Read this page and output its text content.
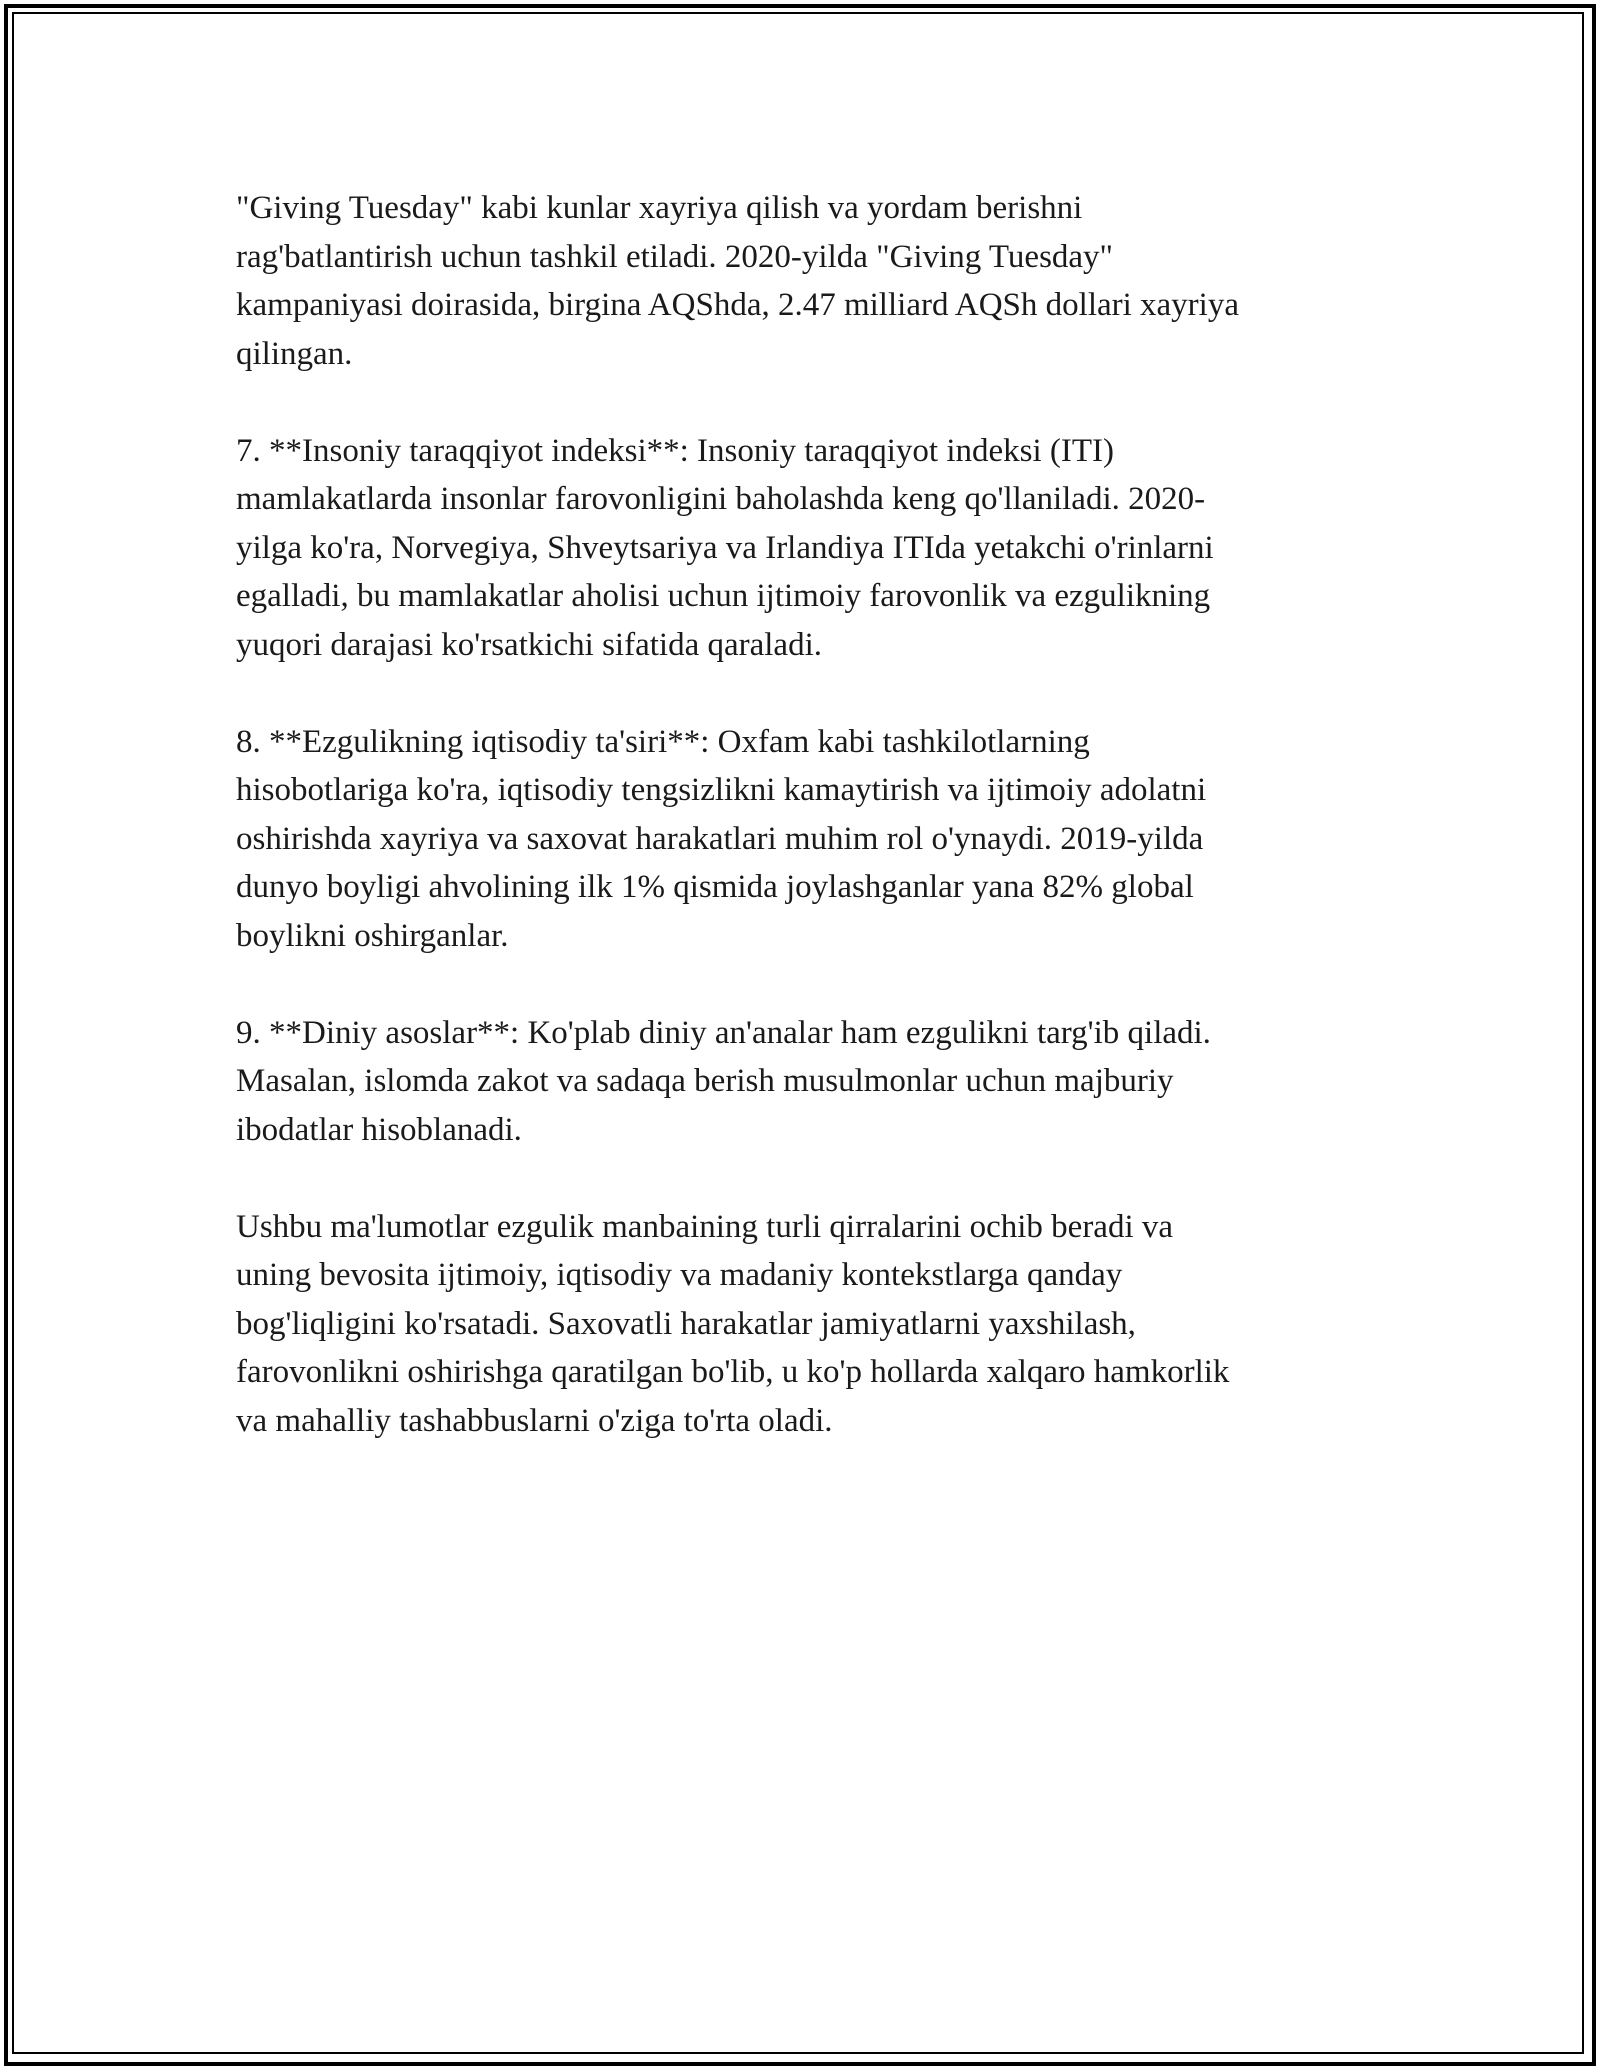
"Giving Tuesday" kabi kunlar xayriya qilish va yordam berishni
rag'batlantirish uchun tashkil etiladi. 2020-yilda "Giving Tuesday"
kampaniyasi doirasida, birgina AQShda, 2.47 milliard AQSh dollari xayriya
qilingan.

7. **Insoniy taraqqiyot indeksi**: Insoniy taraqqiyot indeksi (ITI)
mamlakatlarda insonlar farovonligini baholashda keng qo'llaniladi. 2020-
yilga ko'ra, Norvegiya, Shveytsariya va Irlandiya ITIda yetakchi o'rinlarni
egalladi, bu mamlakatlar aholisi uchun ijtimoiy farovonlik va ezgulikning
yuqori darajasi ko'rsatkichi sifatida qaraladi.

8. **Ezgulikning iqtisodiy ta'siri**: Oxfam kabi tashkilotlarning
hisobotlariga ko'ra, iqtisodiy tengsizlikni kamaytirish va ijtimoiy adolatni
oshirishda xayriya va saxovat harakatlari muhim rol o'ynaydi. 2019-yilda
dunyo boyligi ahvolining ilk 1% qismida joylashganlar yana 82% global
boylikni oshirganlar.

9. **Diniy asoslar**: Ko'plab diniy an'analar ham ezgulikni targ'ib qiladi.
Masalan, islomda zakot va sadaqa berish musulmonlar uchun majburiy
ibodatlar hisoblanadi.

Ushbu ma'lumotlar ezgulik manbaining turli qirralarini ochib beradi va
uning bevosita ijtimoiy, iqtisodiy va madaniy kontekstlarga qanday
bog'liqligini ko'rsatadi. Saxovatli harakatlar jamiyatlarni yaxshilash,
farovonlikni oshirishga qaratilgan bo'lib, u ko'p hollarda xalqaro hamkorlik
va mahalliy tashabbuslarni o'ziga to'rta oladi.
